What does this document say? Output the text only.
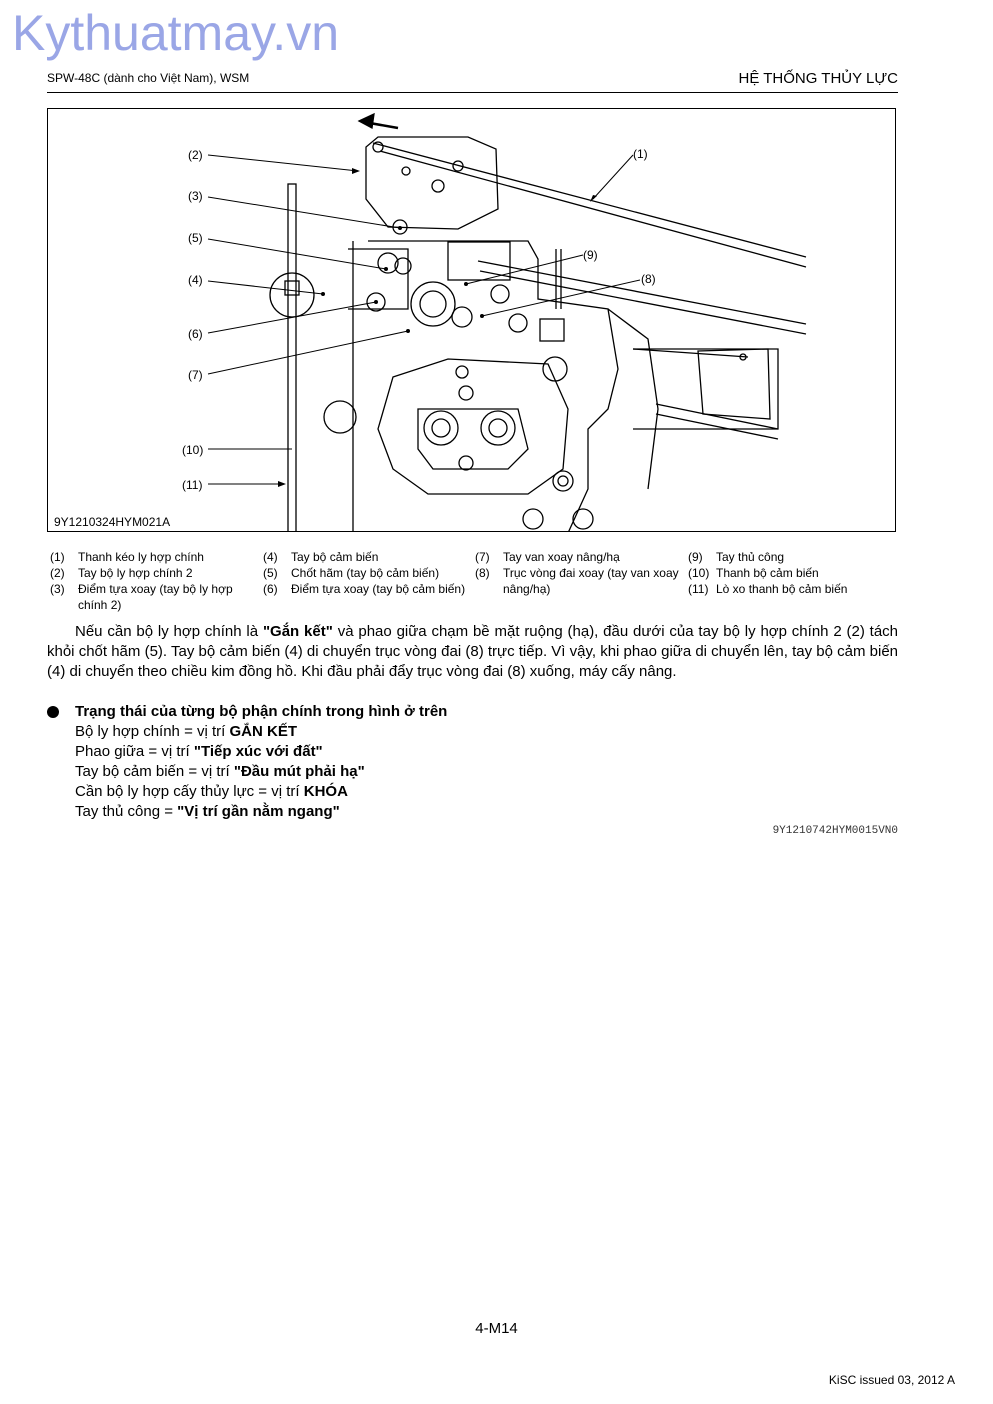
Kythuatmay.vn
SPW-48C (dành cho Việt Nam), WSM	HỆ THỐNG THỦY LỰC
(2)
(3)
(5)
(4)
(6)
(7)
(10)
(11)
(1)
(9)
(8)
9Y1210324HYM021A
(1) Thanh kéo ly hợp chính
(2) Tay bộ ly hợp chính 2
(3) Điểm tựa xoay (tay bộ ly hợp chính 2)
(4) Tay bộ cảm biến
(5) Chốt hãm (tay bộ cảm biến)
(6) Điểm tựa xoay (tay bộ cảm biến)
(7) Tay van xoay nâng/hạ
(8) Trục vòng đai xoay (tay van xoay nâng/hạ)
(9) Tay thủ công
(10) Thanh bộ cảm biến
(11) Lò xo thanh bộ cảm biến
Nếu cần bộ ly hợp chính là "Gắn kết" và phao giữa chạm bề mặt ruộng (hạ), đầu dưới của tay bộ ly hợp chính 2 (2) tách khỏi chốt hãm (5). Tay bộ cảm biến (4) di chuyển trục vòng đai (8) trực tiếp. Vì vậy, khi phao giữa di chuyển lên, tay bộ cảm biến (4) di chuyển theo chiều kim đồng hồ. Khi đầu phải đẩy trục vòng đai (8) xuống, máy cấy nâng.
Trạng thái của từng bộ phận chính trong hình ở trên
Bộ ly hợp chính = vị trí GẮN KẾT
Phao giữa = vị trí "Tiếp xúc với đất"
Tay bộ cảm biến = vị trí "Đầu mút phải hạ"
Cần bộ ly hợp cấy thủy lực = vị trí KHÓA
Tay thủ công = "Vị trí gần nằm ngang"
9Y1210742HYM0015VN0
4-M14
KiSC issued 03, 2012 A
